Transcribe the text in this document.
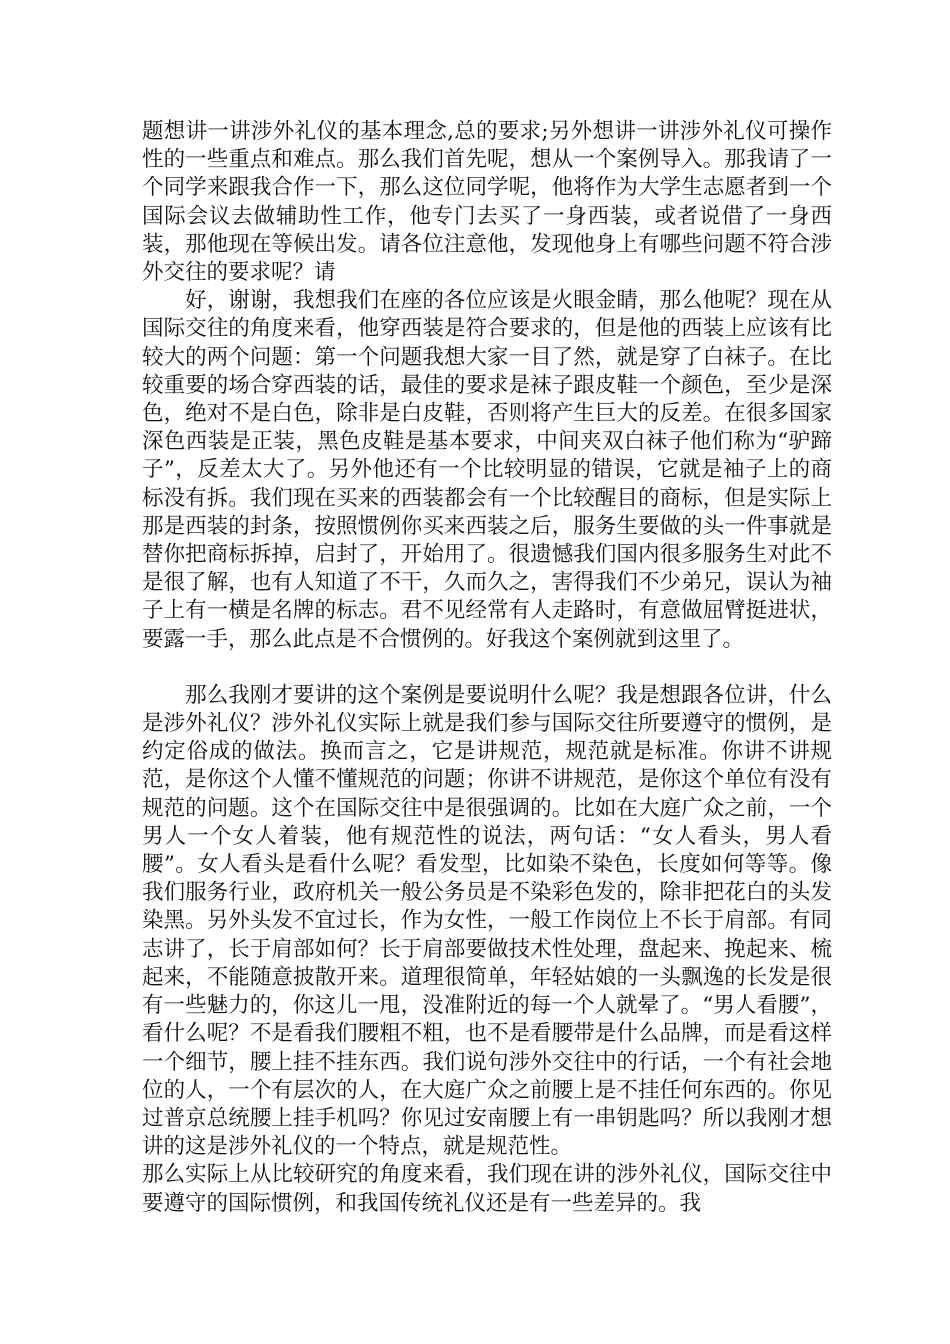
题想讲一讲涉外礼仪的基本理念,总的要求;另外想讲一讲涉外礼仪可操作性的一些重点和难点。那么我们首先呢，想从一个案例导入。那我请了一个同学来跟我合作一下，那么这位同学呢，他将作为大学生志愿者到一个国际会议去做辅助性工作，他专门去买了一身西装，或者说借了一身西装，那他现在等候出发。请各位注意他，发现他身上有哪些问题不符合涉外交往的要求呢？请

　　好，谢谢，我想我们在座的各位应该是火眼金睛，那么他呢？现在从国际交往的角度来看，他穿西装是符合要求的，但是他的西装上应该有比较大的两个问题：第一个问题我想大家一目了然，就是穿了白袜子。在比较重要的场合穿西装的话，最佳的要求是袜子跟皮鞋一个颜色，至少是深色，绝对不是白色，除非是白皮鞋，否则将产生巨大的反差。在很多国家深色西装是正装，黑色皮鞋是基本要求，中间夹双白袜子他们称为“驴蹄子”，反差太大了。另外他还有一个比较明显的错误，它就是袖子上的商标没有拆。我们现在买来的西装都会有一个比较醒目的商标，但是实际上那是西装的封条，按照惯例你买来西装之后，服务生要做的头一件事就是替你把商标拆掉，启封了，开始用了。很遗憾我们国内很多服务生对此不是很了解，也有人知道了不干，久而久之，害得我们不少弟兄，误认为袖子上有一横是名牌的标志。君不见经常有人走路时，有意做屈臂挺进状，要露一手，那么此点是不合惯例的。好我这个案例就到这里了。

　　那么我刚才要讲的这个案例是要说明什么呢？我是想跟各位讲，什么是涉外礼仪？涉外礼仪实际上就是我们参与国际交往所要遵守的惯例，是约定俗成的做法。换而言之，它是讲规范，规范就是标准。你讲不讲规范，是你这个人懂不懂规范的问题；你讲不讲规范，是你这个单位有没有规范的问题。这个在国际交往中是很强调的。比如在大庭广众之前，一个男人一个女人着装，他有规范性的说法，两句话：“女人看头，男人看腰”。女人看头是看什么呢？看发型，比如染不染色，长度如何等等。像我们服务行业，政府机关一般公务员是不染彩色发的，除非把花白的头发染黑。另外头发不宜过长，作为女性，一般工作岗位上不长于肩部。有同志讲了，长于肩部如何？长于肩部要做技术性处理，盘起来、挽起来、梳起来，不能随意披散开来。道理很简单，年轻姑娘的一头飘逸的长发是很有一些魅力的，你这儿一甩，没准附近的每一个人就晕了。“男人看腰”，看什么呢？不是看我们腰粗不粗，也不是看腰带是什么品牌，而是看这样一个细节，腰上挂不挂东西。我们说句涉外交往中的行话，一个有社会地位的人，一个有层次的人，在大庭广众之前腰上是不挂任何东西的。你见过普京总统腰上挂手机吗？你见过安南腰上有一串钥匙吗？所以我刚才想讲的这是涉外礼仪的一个特点，就是规范性。

那么实际上从比较研究的角度来看，我们现在讲的涉外礼仪，国际交往中要遵守的国际惯例，和我国传统礼仪还是有一些差异的。我
